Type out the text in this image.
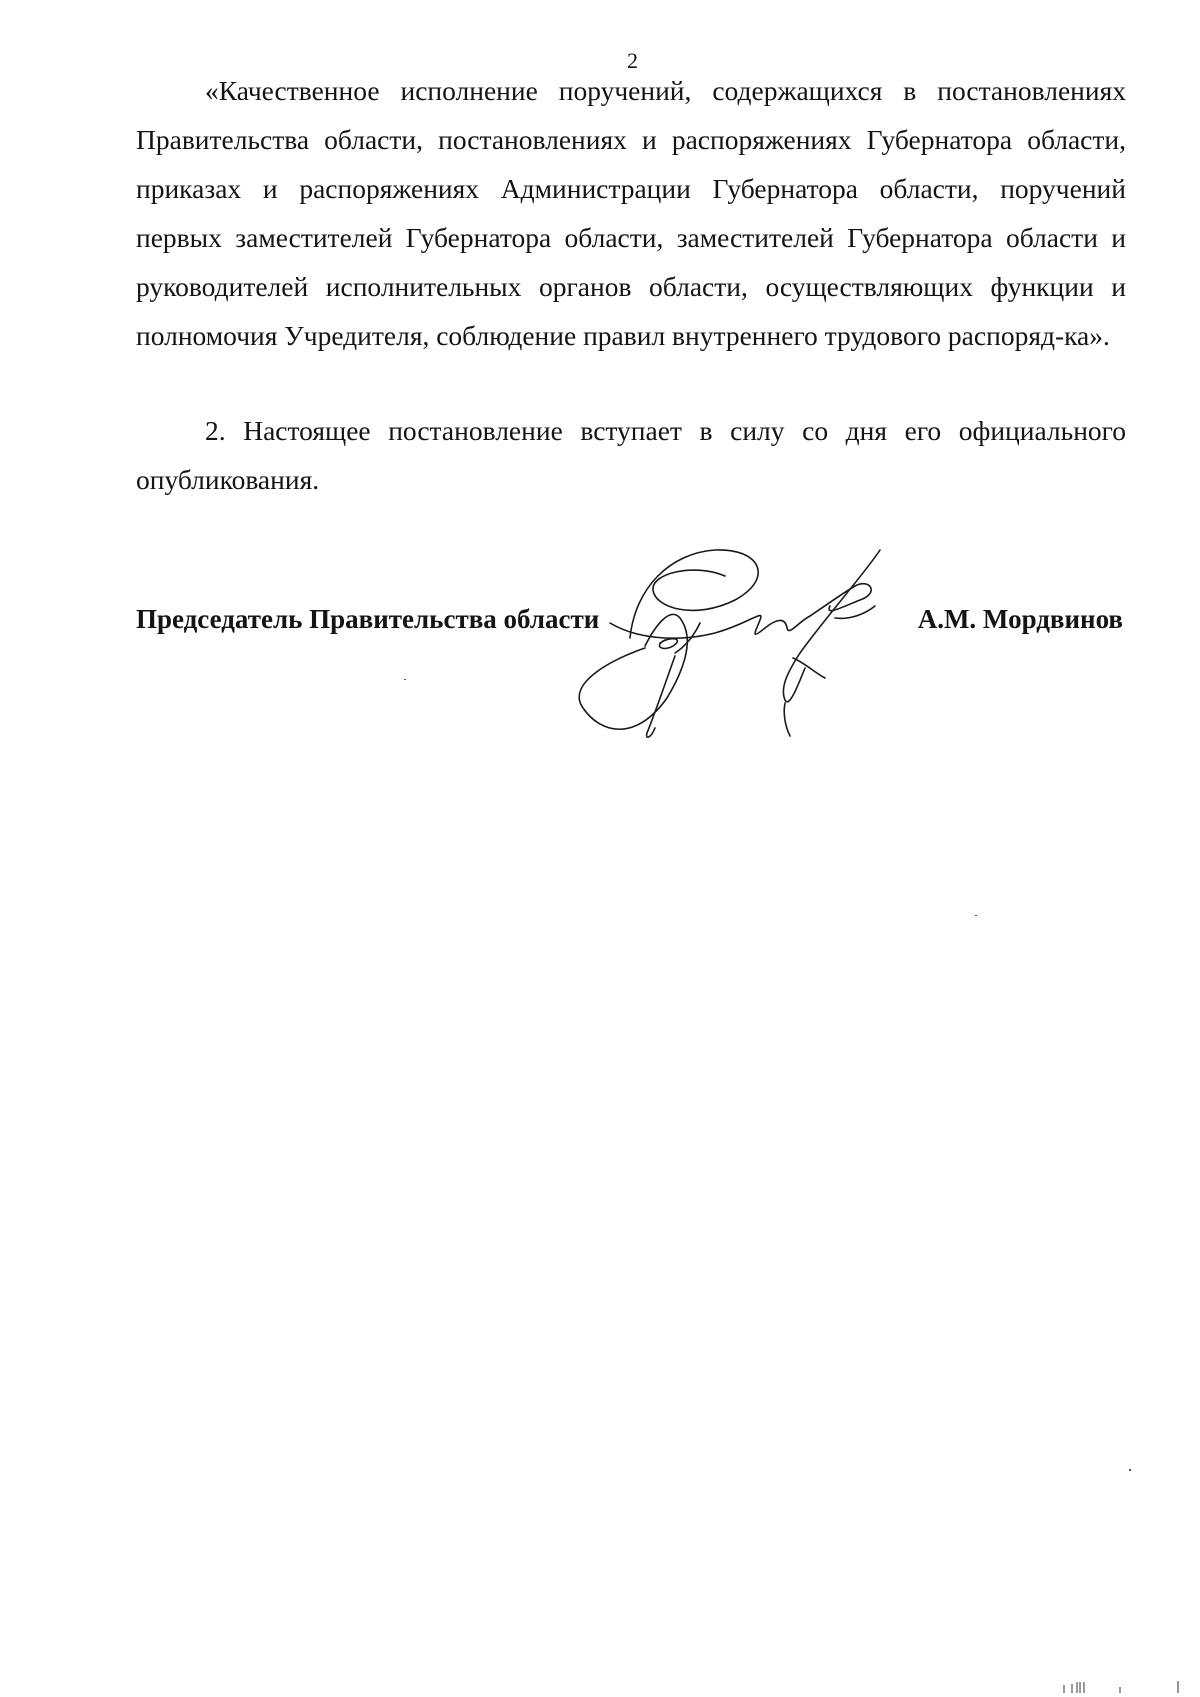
2

«Качественное исполнение поручений, содержащихся в постановлениях Правительства области, постановлениях и распоряжениях Губернатора области, приказах и распоряжениях Администрации Губернатора области, поручений первых заместителей Губернатора области, заместителей Губернатора области и руководителей исполнительных органов области, осуществляющих функции и полномочия Учредителя, соблюдение правил внутреннего трудового распоряд-ка».

2. Настоящее постановление вступает в силу со дня его официального опубликования.

Председатель Правительства области	А.М. Мордвинов
